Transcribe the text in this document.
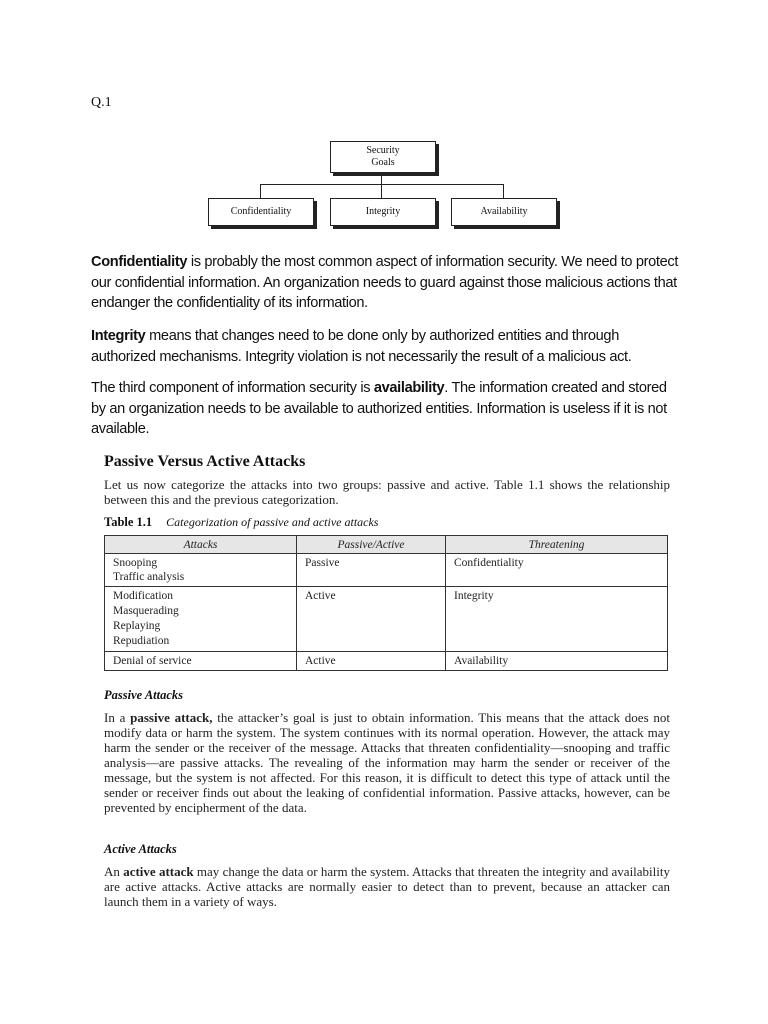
Q.1
Security
Goals
Confidentiality	Integrity	Availability
Confidentiality is probably the most common aspect of information security. We need to protect our confidential information. An organization needs to guard against those malicious actions that endanger the confidentiality of its information.
Integrity means that changes need to be done only by authorized entities and through authorized mechanisms. Integrity violation is not necessarily the result of a malicious act.
The third component of information security is availability. The information created and stored by an organization needs to be available to authorized entities. Information is useless if it is not available.
Passive Versus Active Attacks
Let us now categorize the attacks into two groups: passive and active. Table 1.1 shows the relationship between this and the previous categorization.
Table 1.1 Categorization of passive and active attacks
Attacks	Passive/Active	Threatening

Snooping
Traffic analysis	Passive	Confidentiality

Modification
Masquerading
Replaying
Repudiation	Active	Integrity

Denial of service	Active	Availability
Passive Attacks
In a passive attack, the attacker’s goal is just to obtain information. This means that the attack does not modify data or harm the system. The system continues with its normal operation. However, the attack may harm the sender or the receiver of the message. Attacks that threaten confidentiality—snooping and traffic analysis—are passive attacks. The revealing of the information may harm the sender or receiver of the message, but the system is not affected. For this reason, it is difficult to detect this type of attack until the sender or receiver finds out about the leaking of confidential information. Passive attacks, however, can be prevented by encipherment of the data.
Active Attacks
An active attack may change the data or harm the system. Attacks that threaten the integrity and availability are active attacks. Active attacks are normally easier to detect than to prevent, because an attacker can launch them in a variety of ways.
